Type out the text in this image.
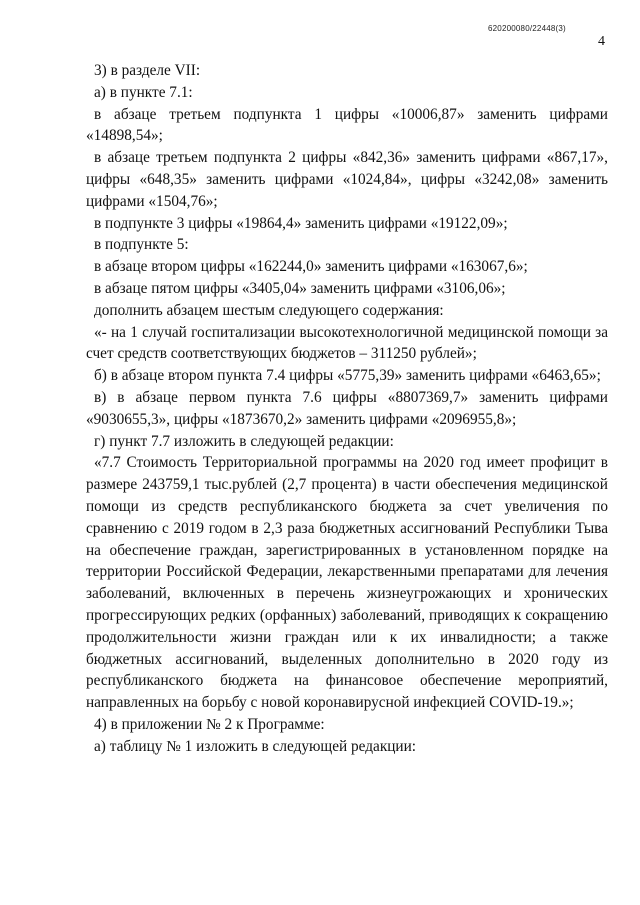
620200080/22448(3)
4

3) в разделе VII:

а) в пункте 7.1:

в абзаце третьем подпункта 1 цифры «10006,87» заменить цифрами «14898,54»;

в абзаце третьем подпункта 2 цифры «842,36» заменить цифрами «867,17», цифры «648,35» заменить цифрами «1024,84», цифры «3242,08» заменить цифрами «1504,76»;

в подпункте 3 цифры «19864,4» заменить цифрами «19122,09»;

в подпункте 5:

в абзаце втором цифры «162244,0» заменить цифрами «163067,6»;

в абзаце пятом цифры «3405,04» заменить цифрами «3106,06»;

дополнить абзацем шестым следующего содержания:

«- на 1 случай госпитализации высокотехнологичной медицинской помощи за счет средств соответствующих бюджетов – 311250 рублей»;

б) в абзаце втором пункта 7.4 цифры «5775,39» заменить цифрами «6463,65»;

в) в абзаце первом пункта 7.6 цифры «8807369,7» заменить цифрами «9030655,3», цифры «1873670,2» заменить цифрами «2096955,8»;

г) пункт 7.7 изложить в следующей редакции:

«7.7 Стоимость Территориальной программы на 2020 год имеет профицит в размере 243759,1 тыс.рублей (2,7 процента) в части обеспечения медицинской помощи из средств республиканского бюджета за счет увеличения по сравнению с 2019 годом в 2,3 раза бюджетных ассигнований Республики Тыва на обеспечение граждан, зарегистрированных в установленном порядке на территории Российской Федерации, лекарственными препаратами для лечения заболеваний, включенных в перечень жизнеугрожающих и хронических прогрессирующих редких (орфанных) заболеваний, приводящих к сокращению продолжительности жизни граждан или к их инвалидности; а также бюджетных ассигнований, выделенных дополнительно в 2020 году из республиканского бюджета на финансовое обеспечение мероприятий, направленных на борьбу с новой коронавирусной инфекцией COVID-19.»;

4) в приложении № 2 к Программе:

а) таблицу № 1 изложить в следующей редакции:
